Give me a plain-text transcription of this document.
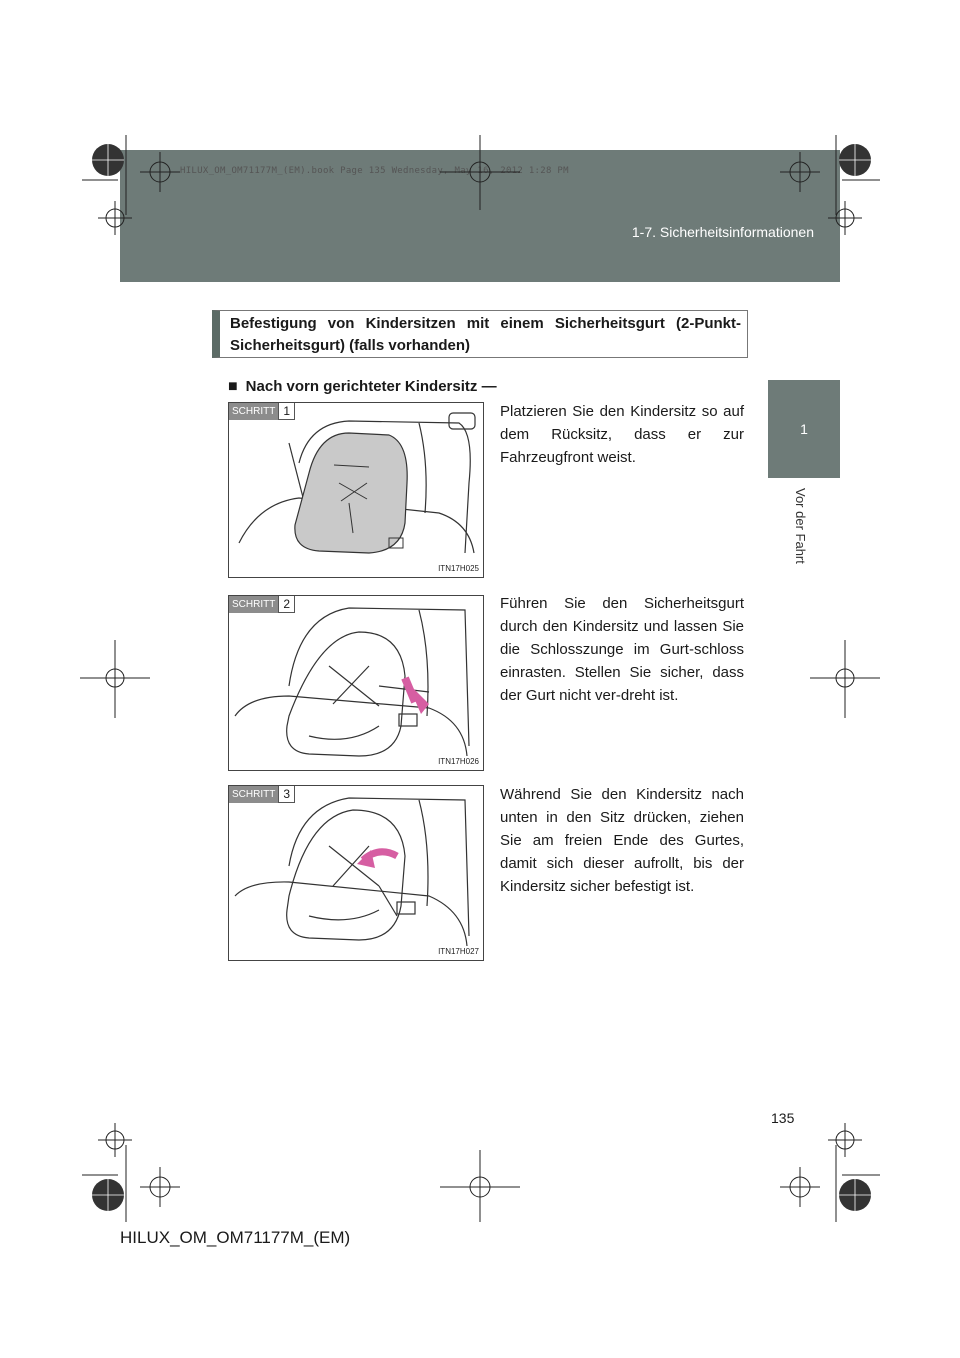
HILUX_OM_OM71177M_(EM).book Page 135 Wednesday, May 16, 2012 1:28 PM
1-7. Sicherheitsinformationen
1
Vor der Fahrt
Befestigung von Kindersitzen mit einem Sicherheitsgurt (2-Punkt-Sicherheitsgurt) (falls vorhanden)
■ Nach vorn gerichteter Kindersitz —
SCHRITT 1
ITN17H025
Platzieren Sie den Kindersitz so auf dem Rücksitz, dass er zur Fahrzeugfront weist.
SCHRITT 2
ITN17H026
Führen Sie den Sicherheitsgurt durch den Kindersitz und lassen Sie die Schlosszunge im Gurt-schloss einrasten. Stellen Sie sicher, dass der Gurt nicht ver-dreht ist.
SCHRITT 3
ITN17H027
Während Sie den Kindersitz nach unten in den Sitz drücken, ziehen Sie am freien Ende des Gurtes, damit sich dieser aufrollt, bis der Kindersitz sicher befestigt ist.
135
HILUX_OM_OM71177M_(EM)
